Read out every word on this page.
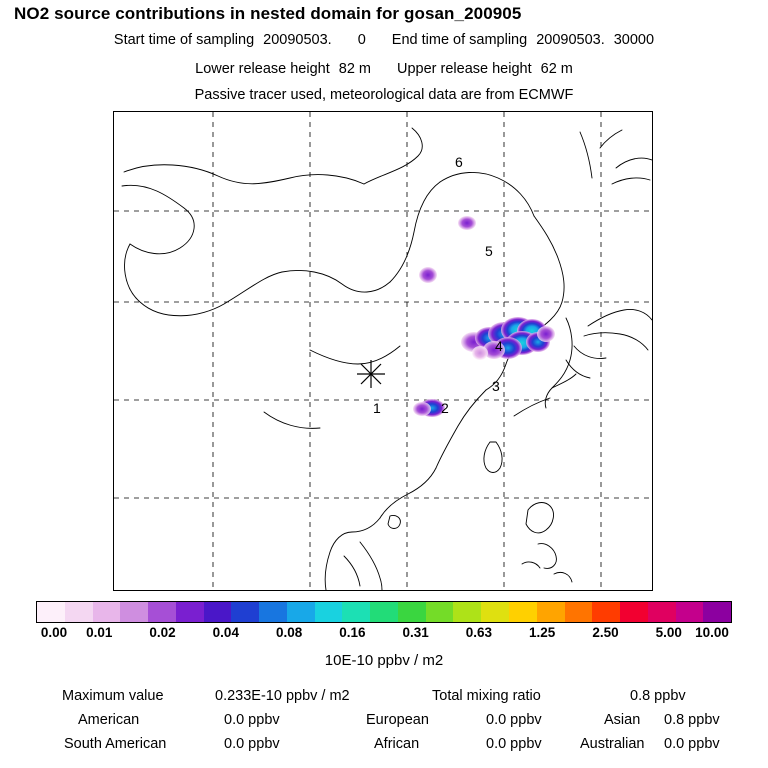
NO2 source contributions in nested domain for gosan_200905
Start time of sampling 20090503. 0 End time of sampling 20090503. 30000
Lower release height 82 m Upper release height 62 m
Passive tracer used, meteorological data are from ECMWF
1	2
3
4
5
6
0.00 0.01	0.02	0.04	0.08	0.16	0.31	0.63	1.25	2.50	5.00 10.00
10E-10 ppbv / m2
Maximum value	0.233E-10 ppbv / m2	Total mixing ratio	0.8 ppbv
American	0.0 ppbv	European	0.0 ppbv	Asian 0.8 ppbv
South American	0.0 ppbv	African	0.0 ppbv	Australian 0.0 ppbv
